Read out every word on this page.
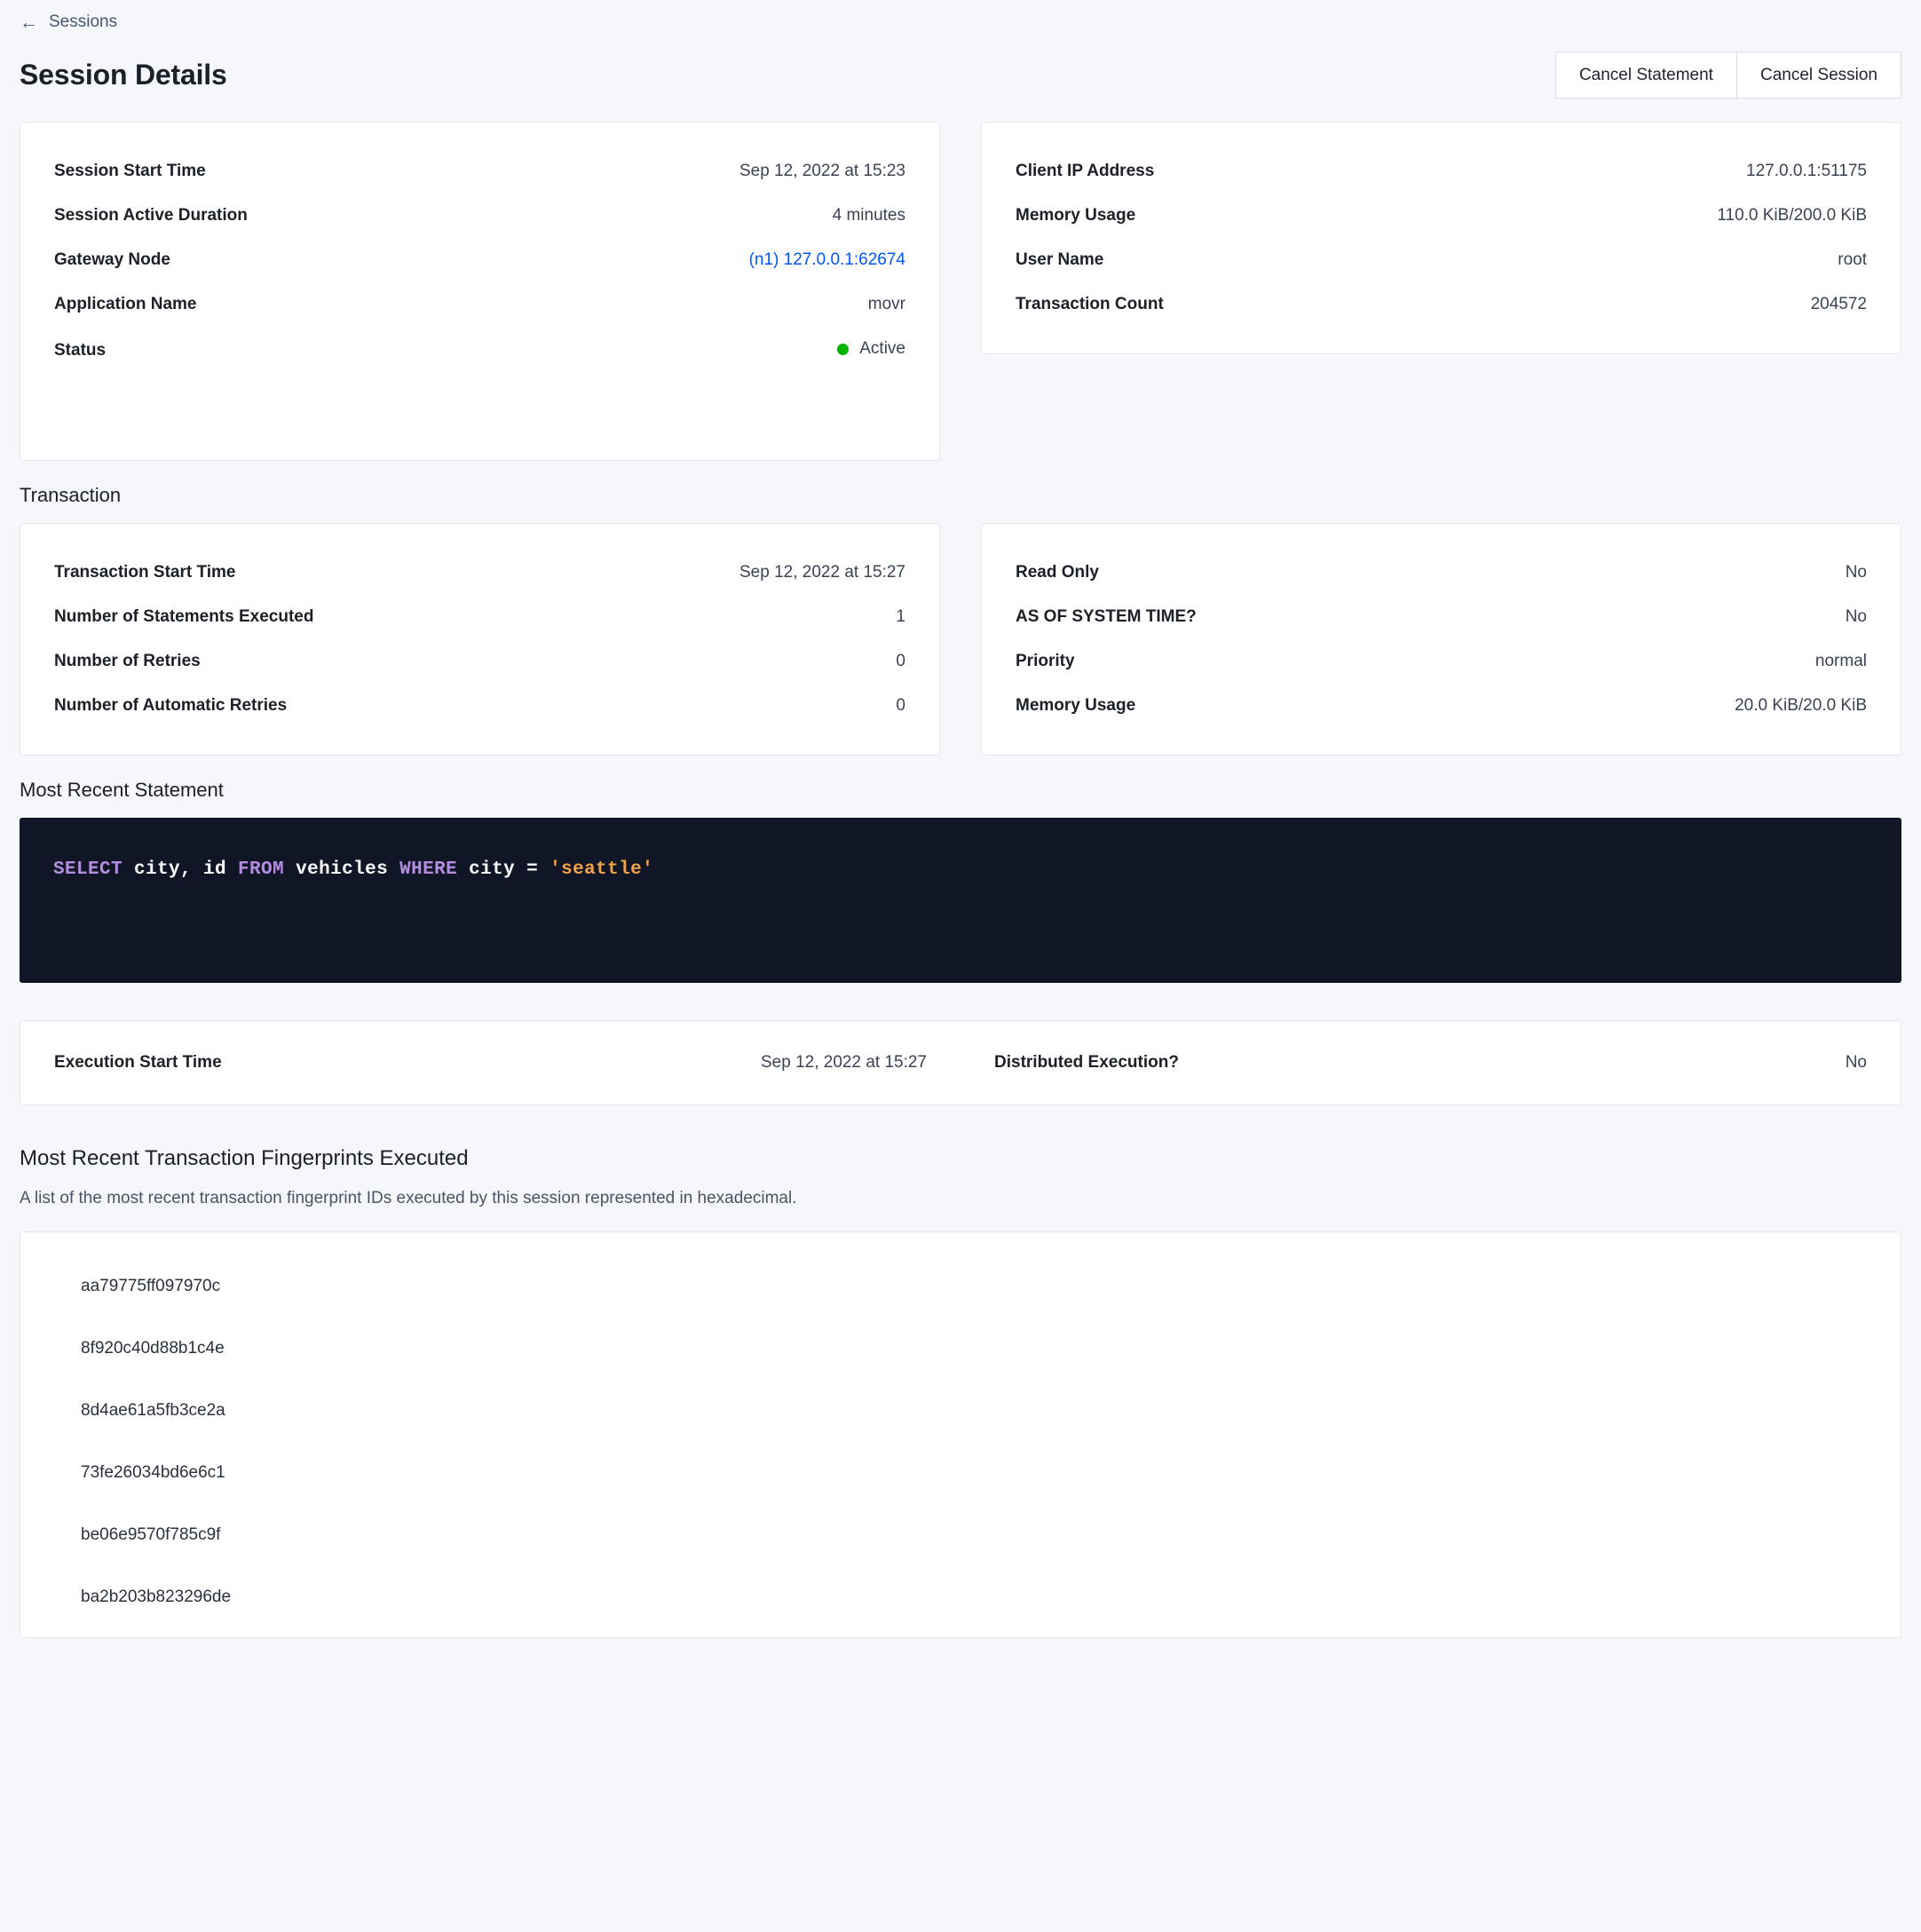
← Sessions
Session Details	Cancel Statement	Cancel Session
Session Start Time	Sep 12, 2022 at 15:23
Session Active Duration	4 minutes
Gateway Node	(n1) 127.0.0.1:62674
Application Name	movr
Status	Active
Client IP Address	127.0.0.1:51175
Memory Usage	110.0 KiB/200.0 KiB
User Name	root
Transaction Count	204572
Transaction
Transaction Start Time	Sep 12, 2022 at 15:27
Number of Statements Executed	1
Number of Retries	0
Number of Automatic Retries	0
Read Only	No
AS OF SYSTEM TIME?	No
Priority	normal
Memory Usage	20.0 KiB/20.0 KiB
Most Recent Statement
SELECT city, id FROM vehicles WHERE city = 'seattle'
Execution Start Time	Sep 12, 2022 at 15:27	Distributed Execution?	No
Most Recent Transaction Fingerprints Executed
A list of the most recent transaction fingerprint IDs executed by this session represented in hexadecimal.
aa79775ff097970c
8f920c40d88b1c4e
8d4ae61a5fb3ce2a
73fe26034bd6e6c1
be06e9570f785c9f
ba2b203b823296de
